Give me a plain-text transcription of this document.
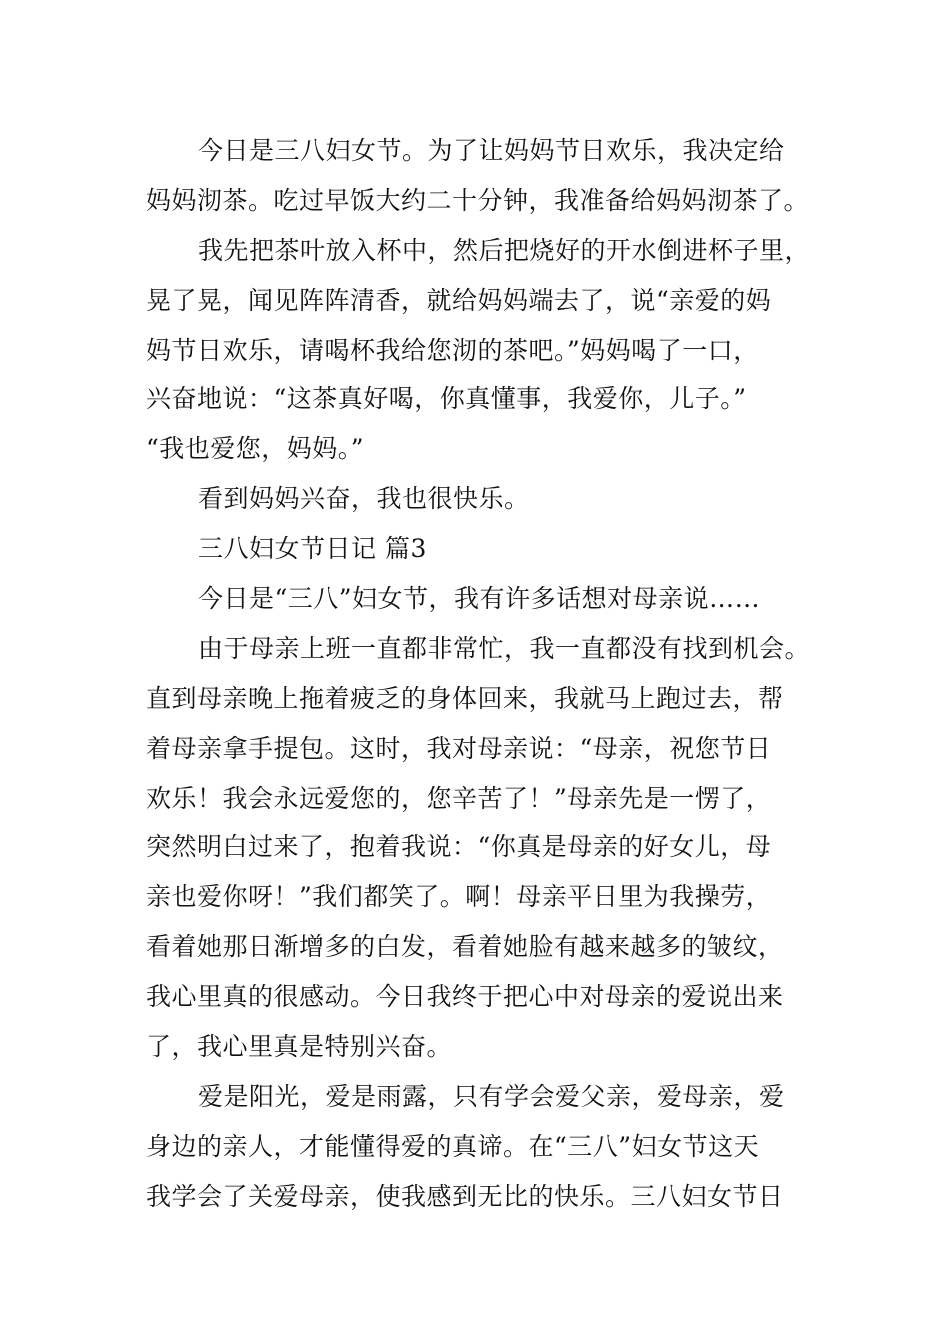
今日是三八妇女节。为了让妈妈节日欢乐，我决定给
妈妈沏茶。吃过早饭大约二十分钟，我准备给妈妈沏茶了。
我先把茶叶放入杯中，然后把烧好的开水倒进杯子里，
晃了晃，闻见阵阵清香，就给妈妈端去了，说“亲爱的妈
妈节日欢乐，请喝杯我给您沏的茶吧。”妈妈喝了一口，
兴奋地说：“这茶真好喝，你真懂事，我爱你，儿子。”
“我也爱您，妈妈。”
看到妈妈兴奋，我也很快乐。
三八妇女节日记 篇3
今日是“三八”妇女节，我有许多话想对母亲说……
由于母亲上班一直都非常忙，我一直都没有找到机会。
直到母亲晚上拖着疲乏的身体回来，我就马上跑过去，帮
着母亲拿手提包。这时，我对母亲说：“母亲，祝您节日
欢乐！我会永远爱您的，您辛苦了！”母亲先是一愣了，
突然明白过来了，抱着我说：“你真是母亲的好女儿，母
亲也爱你呀！”我们都笑了。啊！母亲平日里为我操劳，
看着她那日渐增多的白发，看着她脸有越来越多的皱纹，
我心里真的很感动。今日我终于把心中对母亲的爱说出来
了，我心里真是特别兴奋。
爱是阳光，爱是雨露，只有学会爱父亲，爱母亲，爱
身边的亲人，才能懂得爱的真谛。在“三八”妇女节这天
我学会了关爱母亲，使我感到无比的快乐。三八妇女节日
